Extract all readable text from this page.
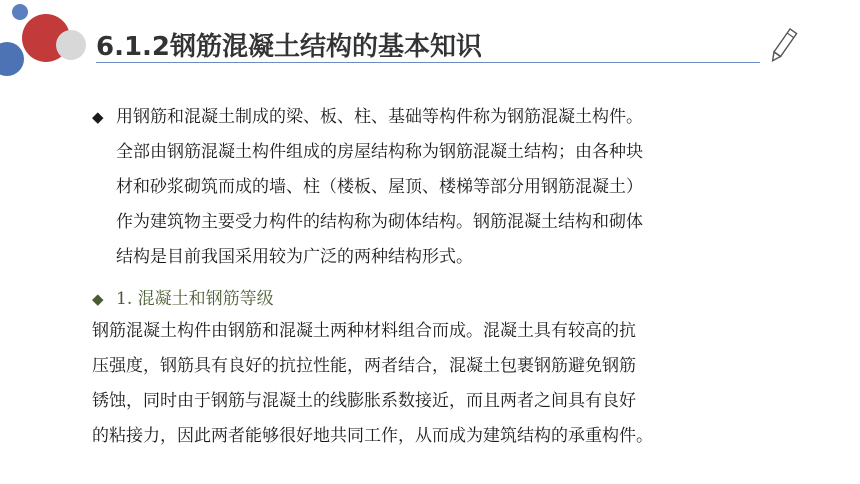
6.1.2钢筋混凝土结构的基本知识
◆ 用钢筋和混凝土制成的梁、板、柱、基础等构件称为钢筋混凝土构件。
全部由钢筋混凝土构件组成的房屋结构称为钢筋混凝土结构；由各种块
材和砂浆砌筑而成的墙、柱（楼板、屋顶、楼梯等部分用钢筋混凝土）
作为建筑物主要受力构件的结构称为砌体结构。钢筋混凝土结构和砌体
结构是目前我国采用较为广泛的两种结构形式。
◆ 1. 混凝土和钢筋等级
钢筋混凝土构件由钢筋和混凝土两种材料组合而成。混凝土具有较高的抗
压强度，钢筋具有良好的抗拉性能，两者结合，混凝土包裹钢筋避免钢筋
锈蚀，同时由于钢筋与混凝土的线膨胀系数接近，而且两者之间具有良好
的粘接力，因此两者能够很好地共同工作，从而成为建筑结构的承重构件。
